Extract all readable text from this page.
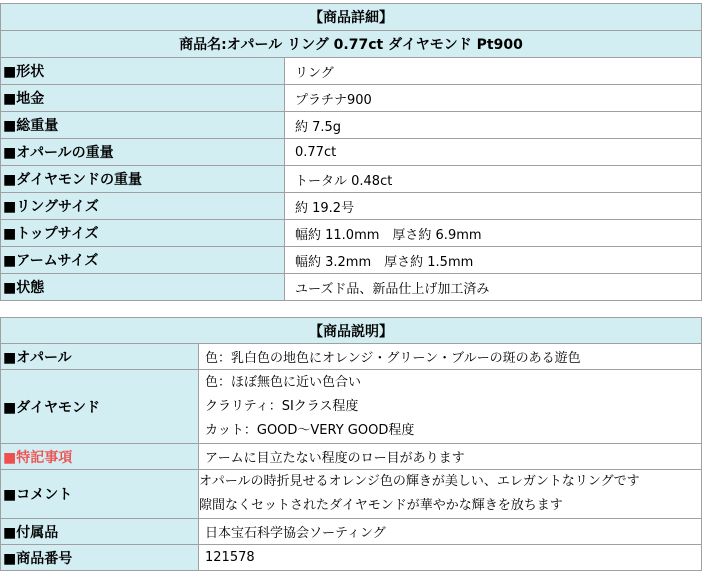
【商品詳細】	
商品名:オパール リング 0.77ct ダイヤモンド Pt900	
■形状	リング
■地金	プラチナ900
■総重量	約 7.5g
■オパールの重量	0.77ct
■ダイヤモンドの重量	トータル 0.48ct
■リングサイズ	約 19.2号
■トップサイズ	幅約 11.0mm　厚さ約 6.9mm
■アームサイズ	幅約 3.2mm　厚さ約 1.5mm
■状態	ユーズド品、新品仕上げ加工済み
【商品説明】	
■オパール	色：乳白色の地色にオレンジ・グリーン・ブルーの斑のある遊色
■ダイヤモンド	色：ほぼ無色に近い色合い
クラリティ：SIクラス程度
カット：GOOD～VERY GOOD程度

■特記事項	アームに目立たない程度のロー目があります
■コメント	オパールの時折見せるオレンジ色の輝きが美しい、エレガントなリングです
隙間なくセットされたダイヤモンドが華やかな輝きを放ちます

■付属品	日本宝石科学協会ソーティング
■商品番号	121578
